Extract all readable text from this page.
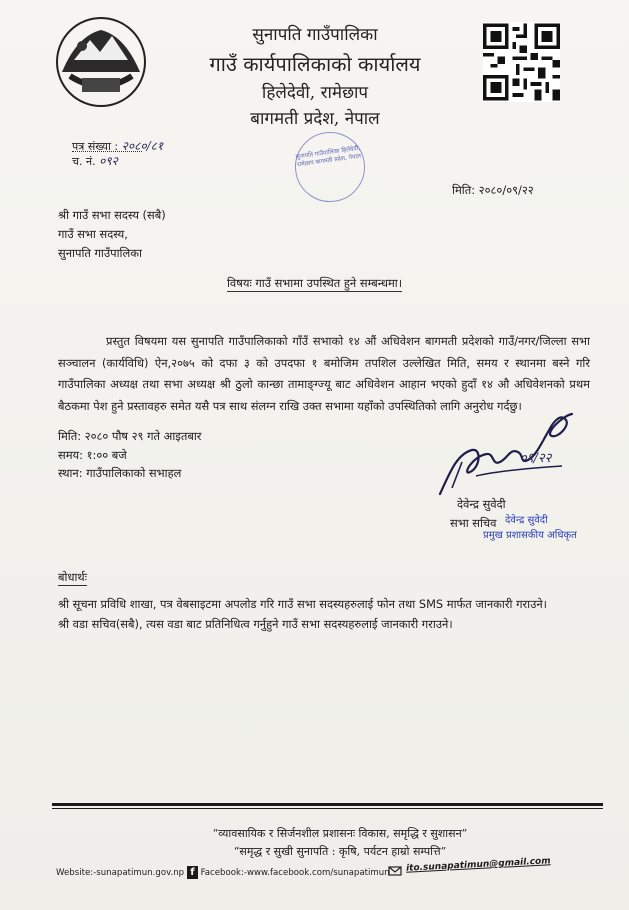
सुनापति गाउँपालिका
गाउँ कार्यपालिकाको कार्यालय
हिलेदेवी, रामेछाप
बागमती प्रदेश, नेपाल
पत्र संख्या : २०८०/८१
च. नं. ०९२
सुनापति गाउँपालिका हिलेदेवी, रामेछाप बागमती प्रदेश, नेपाल
मिति: २०८०/०९/२२
श्री गाउँ सभा सदस्य (सबै)
गाउँ सभा सदस्य,
सुनापति गाउँपालिका
विषयः गाउँ सभामा उपस्थित हुने सम्बन्धमा।

प्रस्तुत विषयमा यस सुनापति गाउँपालिकाको गाँउँ सभाको १४ औं अधिवेशन बागमती प्रदेशको गाउँ/नगर/जिल्ला सभा सञ्चालन (कार्यविधि) ऐन,२०७५ को दफा ३ को उपदफा १ बमोजिम तपशिल उल्लेखित मिति, समय र स्थानमा बस्ने गरि गाउँपालिका अध्यक्ष तथा सभा अध्यक्ष श्री ठुलो कान्छा तामाङ्ग्ज्यू बाट अधिवेशन आहान भएको हुदाँ १४ औ अधिवेशनको प्रथम बैठकमा पेश हुने प्रस्तावहरु समेत यसै पत्र साथ संलग्न राखि उक्त सभामा यहाँको उपस्थितिको लागि अनुरोध गर्दछु।

मिति: २०८० पौष २९ गते आइतबार
समय: १:०० बजे
स्थान: गाउँपालिकाको सभाहल
०९/२२
देवेन्द्र सुवेदी
सभा सचिव देवेन्द्र सुवेदी
प्रमुख प्रशासकीय अधिकृत
बोधार्थः
श्री सूचना प्रविधि शाखा, पत्र वेबसाइटमा अपलोड गरि गाउँ सभा सदस्यहरुलाई फोन तथा SMS मार्फत जानकारी गराउने।
श्री वडा सचिव(सबै), त्यस वडा बाट प्रतिनिधित्व गर्नुहुने गाउँ सभा सदस्यहरुलाई जानकारी गराउने।
“व्यावसायिक र सिर्जनशील प्रशासनः विकास, समृद्धि र सुशासन”
“समृद्ध र सुखी सुनापति : कृषि, पर्यटन हाम्रो सम्पत्ति”
Website:-sunapatimun.gov.np f Facebook:-www.facebook.com/sunapatimun ito.sunapatimun@gmail.com
